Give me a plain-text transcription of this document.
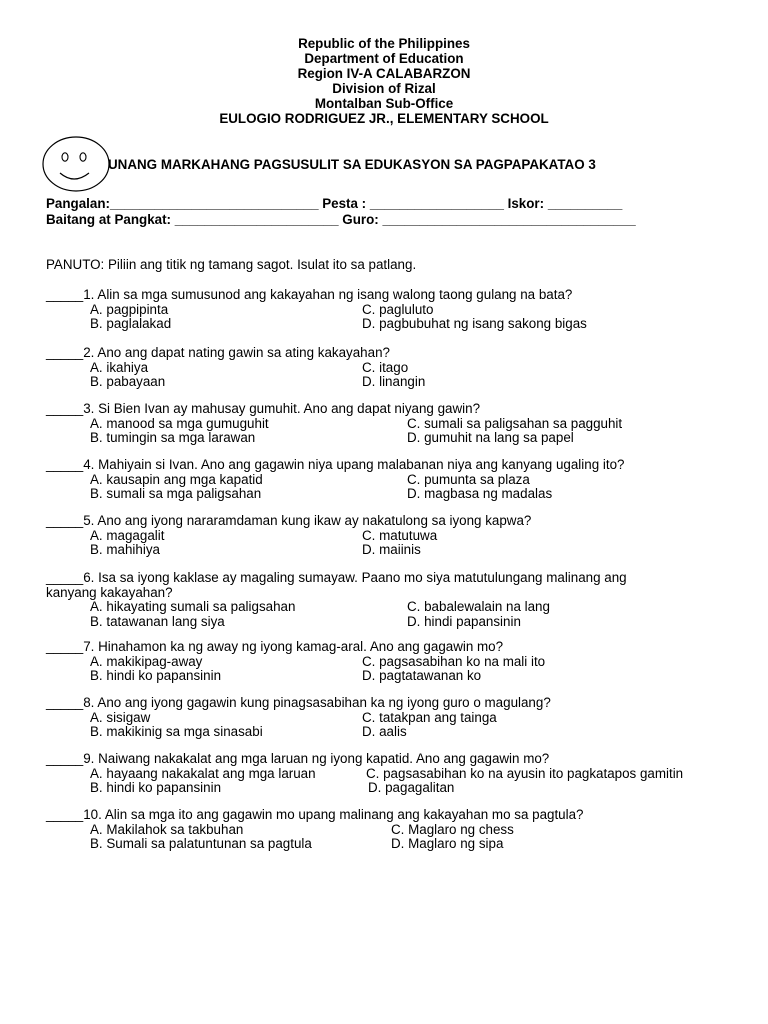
Republic of the Philippines
Department of Education
Region IV-A CALABARZON
Division of Rizal
Montalban Sub-Office
EULOGIO RODRIGUEZ JR., ELEMENTARY SCHOOL
UNANG MARKAHANG PAGSUSULIT SA EDUKASYON SA PAGPAPAKATAO 3
Pangalan:____________________________ Pesta : __________________ Iskor: __________
Baitang at Pangkat: ______________________ Guro: __________________________________
PANUTO: Piliin ang titik ng tamang sagot. Isulat ito sa patlang.
_____1. Alin sa mga sumusunod ang kakayahan ng isang walong taong gulang na bata?
A. pagpipinta	C. pagluluto
B. paglalakad	D. pagbubuhat ng isang sakong bigas
_____2. Ano ang dapat nating gawin sa ating kakayahan?
A. ikahiya	C. itago
B. pabayaan	D. linangin
_____3. Si Bien Ivan ay mahusay gumuhit. Ano ang dapat niyang gawin?
A. manood sa mga gumuguhit	C. sumali sa paligsahan sa pagguhit
B. tumingin sa mga larawan	D. gumuhit na lang sa papel
_____4. Mahiyain si Ivan. Ano ang gagawin niya upang malabanan niya ang kanyang ugaling ito?
A. kausapin ang mga kapatid	C. pumunta sa plaza
B. sumali sa mga paligsahan	D. magbasa ng madalas
_____5. Ano ang iyong nararamdaman kung ikaw ay nakatulong sa iyong kapwa?
A. magagalit	C. matutuwa
B. mahihiya	D. maiinis
_____6. Isa sa iyong kaklase ay magaling sumayaw. Paano mo siya matutulungang malinang ang
kanyang kakayahan?
A. hikayating sumali sa paligsahan	C. babalewalain na lang
B. tatawanan lang siya	D. hindi papansinin
_____7. Hinahamon ka ng away ng iyong kamag-aral. Ano ang gagawin mo?
A. makikipag-away	C. pagsasabihan ko na mali ito
B. hindi ko papansinin	D. pagtatawanan ko
_____8. Ano ang iyong gagawin kung pinagsasabihan ka ng iyong guro o magulang?
A. sisigaw	C. tatakpan ang tainga
B. makikinig sa mga sinasabi	D. aalis
_____9. Naiwang nakakalat ang mga laruan ng iyong kapatid. Ano ang gagawin mo?
A. hayaang nakakalat ang mga laruan	C. pagsasabihan ko na ayusin ito pagkatapos gamitin
B. hindi ko papansinin	D. pagagalitan
_____10. Alin sa mga ito ang gagawin mo upang malinang ang kakayahan mo sa pagtula?
A. Makilahok sa takbuhan	C. Maglaro ng chess
B. Sumali sa palatuntunan sa pagtula	D. Maglaro ng sipa
